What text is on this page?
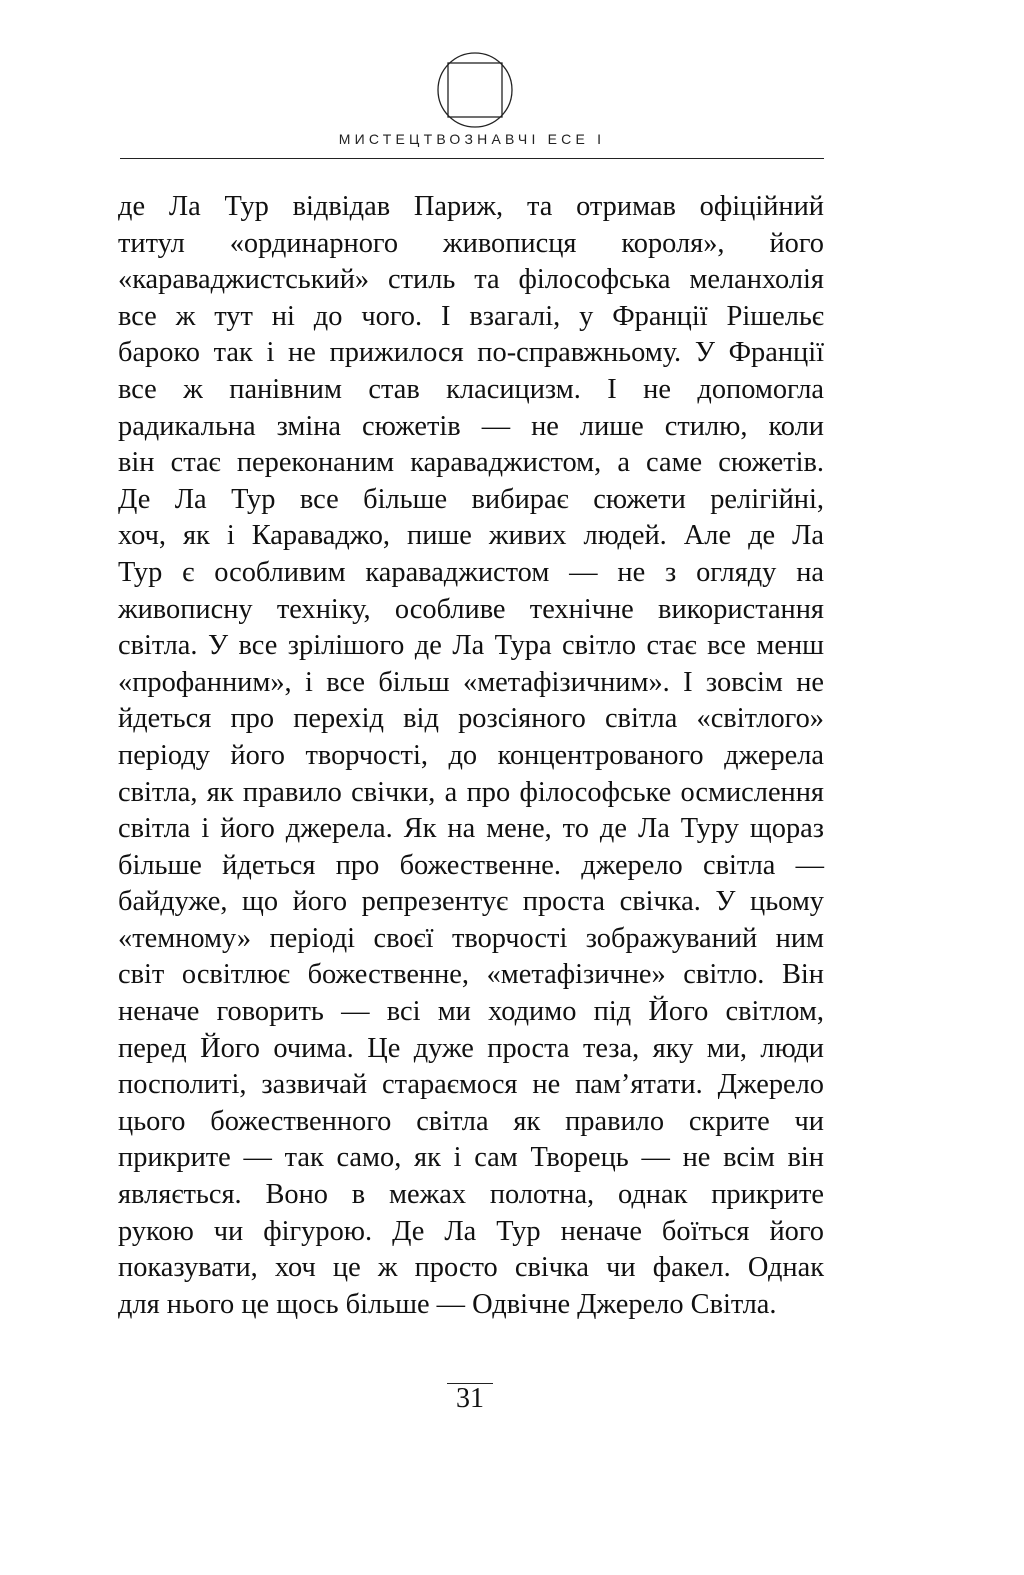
МИСТЕЦТВОЗНАВЧІ ЕСЕ I
де Ла Тур відвідав Париж, та отримав офіційний
титул «ординарного живописця короля», його
«караваджистський» стиль та філософська меланхолія
все ж тут ні до чого. І взагалі, у Франції Рішельє
бароко так і не прижилося по-справжньому. У Франції
все ж панівним став класицизм. І не допомогла
радикальна зміна сюжетів — не лише стилю, коли
він стає переконаним караваджистом, а саме сюжетів.
Де Ла Тур все більше вибирає сюжети релігійні,
хоч, як і Караваджо, пише живих людей. Але де Ла
Тур є особливим караваджистом — не з огляду на
живописну техніку, особливе технічне використання
світла. У все зрілішого де Ла Тура світло стає все менш
«профанним», і все більш «метафізичним». І зовсім не
йдеться про перехід від розсіяного світла «світлого»
періоду його творчості, до концентрованого джерела
світла, як правило свічки, а про філософське осмислення
світла і його джерела. Як на мене, то де Ла Туру щораз
більше йдеться про божественне. джерело світла —
байдуже, що його репрезентує проста свічка. У цьому
«темному» періоді своєї творчості зображуваний ним
світ освітлює божественне, «метафізичне» світло. Він
неначе говорить — всі ми ходимо під Його світлом,
перед Його очима. Це дуже проста теза, яку ми, люди
посполиті, зазвичай стараємося не пам’ятати. Джерело
цього божественного світла як правило скрите чи
прикрите — так само, як і сам Творець — не всім він
являється. Воно в межах полотна, однак прикрите
рукою чи фігурою. Де Ла Тур неначе боїться його
показувати, хоч це ж просто свічка чи факел. Однак
для нього це щось більше — Одвічне Джерело Світла.
31
